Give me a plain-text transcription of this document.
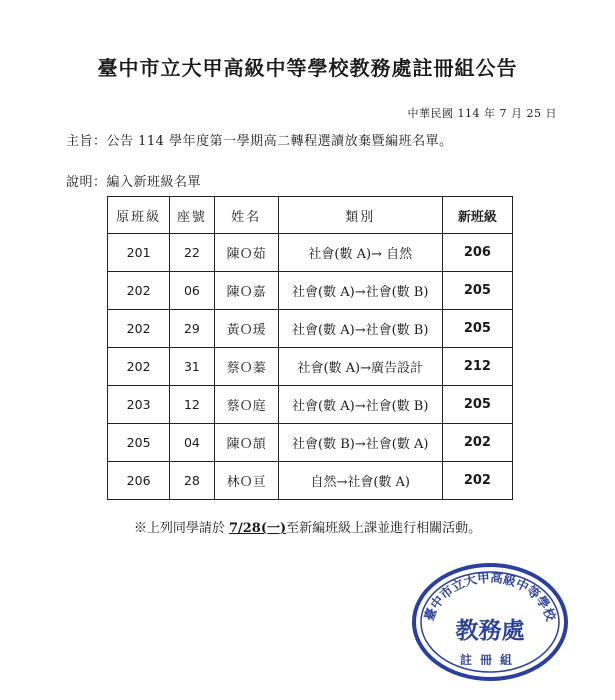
臺中市立大甲高級中等學校教務處註冊組公告
中華民國 114 年 7 月 25 日
主旨：公告 114 學年度第一學期高二轉程選讀放棄暨編班名單。
說明：編入新班級名單
原班級	座號	姓名	類別	新班級
201	22	陳Ｏ茹	社會(數 A)→ 自然	206
202	06	陳Ｏ嘉	社會(數 A)→社會(數 B)	205
202	29	黃Ｏ瑗	社會(數 A)→社會(數 B)	205
202	31	蔡Ｏ蓁	社會(數 A)→廣告設計	212
203	12	蔡Ｏ庭	社會(數 A)→社會(數 B)	205
205	04	陳Ｏ頡	社會(數 B)→社會(數 A)	202
206	28	林Ｏ亘	自然→社會(數 A)	202
※上列同學請於 7/28(一)至新編班級上課並進行相關活動。
臺中市立大甲高級中等學校
教務處
註冊組
